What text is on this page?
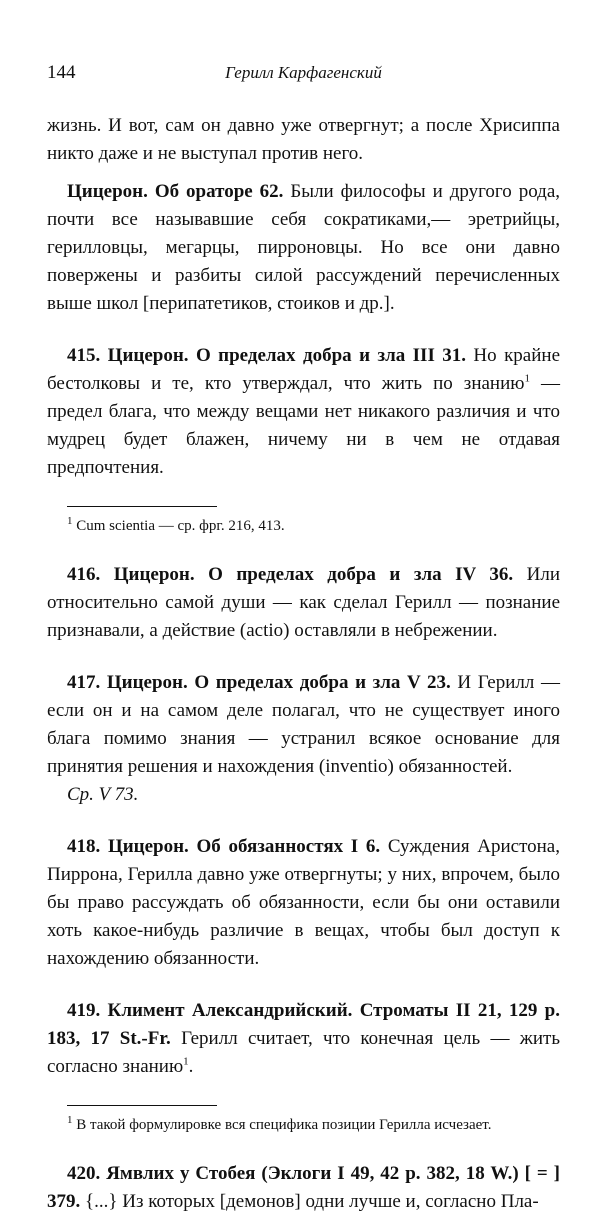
144	Герилл Карфагенский

жизнь. И вот, сам он давно уже отвергнут; а после Хрисиппа никто даже и не выступал против него.

Цицерон. Об ораторе 62. Были философы и другого рода, почти все называвшие себя сократиками,— эретрийцы, герилловцы, мегарцы, пирроновцы. Но все они давно повержены и разбиты силой рассуждений перечисленных выше школ [перипатетиков, стоиков и др.].

415. Цицерон. О пределах добра и зла III 31. Но крайне бестолковы и те, кто утверждал, что жить по знанию$^1$ — предел блага, что между вещами нет никакого различия и что мудрец будет блажен, ничему ни в чем не отдавая предпочтения.

$^1$ Cum scientia — ср. фрг. 216, 413.

416. Цицерон. О пределах добра и зла IV 36. Или относительно самой души — как сделал Герилл — познание признавали, а действие (actio) оставляли в небрежении.

417. Цицерон. О пределах добра и зла V 23. И Герилл — если он и на самом деле полагал, что не существует иного блага помимо знания — устранил всякое основание для принятия решения и нахождения (inventio) обязанностей.

Ср. V 73.

418. Цицерон. Об обязанностях I 6. Суждения Аристона, Пиррона, Герилла давно уже отвергнуты; у них, впрочем, было бы право рассуждать об обязанности, если бы они оставили хоть какое-нибудь различие в вещах, чтобы был доступ к нахождению обязанности.

419. Климент Александрийский. Строматы II 21, 129 p. 183, 17 St.-Fr. Герилл считает, что конечная цель — жить согласно знанию$^1$.

$^1$ В такой формулировке вся специфика позиции Герилла исчезает.

420. Ямвлих у Стобея (Эклоги I 49, 42 p. 382, 18 W.) [ = ] 379. {...} Из которых [демонов] одни лучше и, согласно Пла-
